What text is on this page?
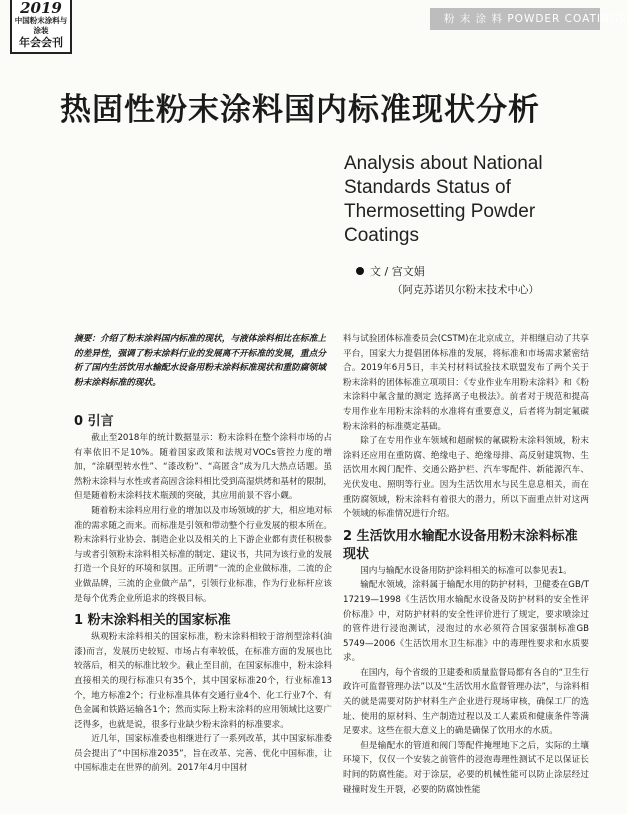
2019
中国粉末涂料与涂装
年会会刊
粉 末 涂 料 POWDER COATINGS
热固性粉末涂料国内标准现状分析
Analysis about National Standards Status of Thermosetting Powder Coatings
文 / 宫文娟
（阿克苏诺贝尔粉末技术中心）
摘要：介绍了粉末涂料国内标准的现状，与液体涂料相比在标准上的差异性，强调了粉末涂料行业的发展离不开标准的发展，重点分析了国内生活饮用水输配水设备用粉末涂料标准现状和重防腐领域粉末涂料标准的现状。
0 引言

截止至2018年的统计数据显示：粉末涂料在整个涂料市场的占有率依旧不足10%。随着国家政策和法规对VOCs管控力度的增加，“涂刷型转水性”、“漆改粉”、“高匿含”成为几大热点话题。虽然粉末涂料与水性或者高固含涂料相比受到高湿烘烤和基材的限制，但是随着粉末涂料技术瓶颈的突破，其应用前景不容小觑。

随着粉末涂料应用行业的增加以及市场领域的扩大，相应地对标准的需求随之而来。而标准是引领和带动整个行业发展的根本所在。粉末涂料行业协会、制造企业以及相关的上下游企业都有责任积极参与或者引领粉末涂料相关标准的制定、建议书，共同为该行业的发展打造一个良好的环境和氛围。正所谓“一流的企业做标准，二流的企业做品牌，三流的企业做产品”，引领行业标准，作为行业标杆应该是每个优秀企业所追求的终极目标。

1 粉末涂料相关的国家标准

纵观粉末涂料相关的国家标准，粉末涂料相较于溶剂型涂料(油漆)而言，发展历史较短、市场占有率较低，在标准方面的发展也比较落后，相关的标准比较少。截止至目前，在国家标准中，粉末涂料直接相关的现行标准只有35个，其中国家标准20个，行业标准13个，地方标准2个；行业标准具体有交通行业4个、化工行业7个、有色金属和铁路运输各1个；然而实际上粉末涂料的应用领域比这要广泛得多，也就是说，很多行业缺少粉末涂料的标准要求。

近几年，国家标准委也相继进行了一系列改革，其中国家标准委员会提出了“中国标准2035”，旨在改革、完善、优化中国标准，让中国标准走在世界的前列。2017年4月中国材

料与试验团体标准委员会(CSTM)在北京成立，并相继启动了共享平台，国家大力提倡团体标准的发展，将标准和市场需求紧密结合。2019年6月5日，丰关村材料试验技术联盟发布了两个关于粉末涂料的团体标准立项项目：《专业作业车用粉末涂料》和《粉末涂料中氟含量的测定 选择离子电极法》。前者对于规范和提高专用作业车用粉末涂料的水准将有重要意义，后者将为制定氟碳粉末涂料的标准奠定基础。

除了在专用作业车领域和超耐候的氟碳粉末涂料领域，粉末涂料还应用在重防腐、绝缘电子、绝缘母排、高反射建筑物、生活饮用水阀门配件、交通公路护栏、汽车零配件、新能源汽车、光伏发电、照明等行业。因为生活饮用水与民生息息相关，而在重防腐领域，粉末涂料有着很大的潜力，所以下面重点针对这两个领域的标准情况进行介绍。

2 生活饮用水输配水设备用粉末涂料标准现状

国内与输配水设备用防护涂料相关的标准可以参见表1。

输配水领域，涂料属于输配水用的防护材料，卫健委在GB/T 17219—1998《生活饮用水输配水设备及防护材料的安全性评价标准》中，对防护材料的安全性评价进行了规定，要求喷涂过的管件进行浸泡测试，浸泡过的水必须符合国家强制标准GB 5749—2006《生活饮用水卫生标准》中的毒理性要求和水质要求。

在国内，每个省级的卫建委和质量监督局都有各自的“卫生行政许可监督管理办法”以及“生活饮用水监督管理办法”，与涂料相关的就是需要对防护材料生产企业进行现场审核，确保工厂的选址、使用的原材料、生产制造过程以及工人素质和健康条件等满足要求。这些在很大意义上的确是确保了饮用水的水质。

但是输配水的管道和阀门等配件掩埋地下之后，实际的土壤环境下，仅仅一个安装之前管件的浸泡毒理性测试不足以保证长时间的防腐性能。对于涂层，必要的机械性能可以防止涂层经过碰撞时发生开裂，必要的防腐蚀性能
